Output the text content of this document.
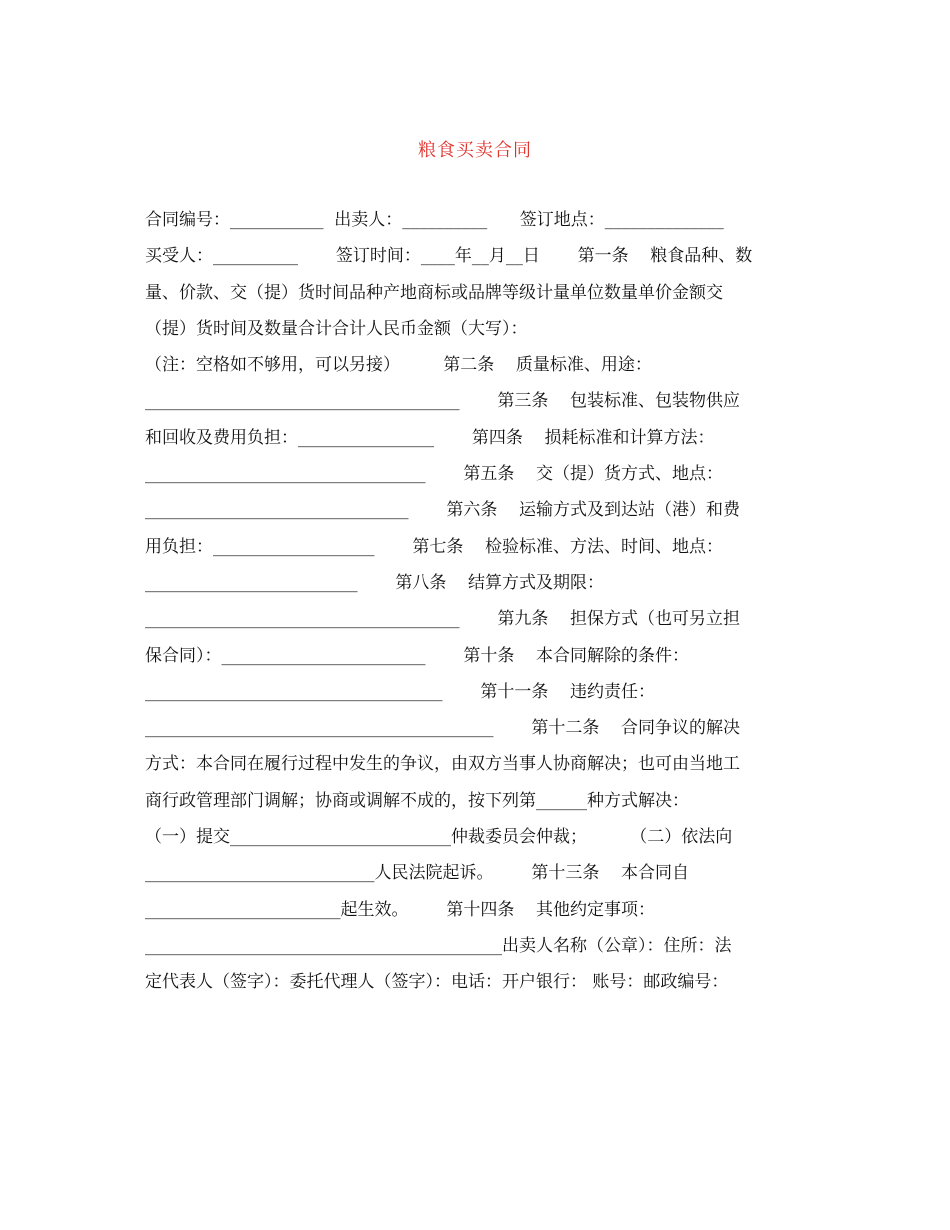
粮食买卖合同
合同编号：___________  出卖人：__________      签订地点：______________
买受人：__________       签订时间：____年__月__日       第一条    粮食品种、数
量、价款、交（提）货时间品种产地商标或品牌等级计量单位数量单价金额交
（提）货时间及数量合计合计人民币金额（大写）：
（注：空格如不够用，可以另接）        第二条    质量标准、用途：
_____________________________________       第三条    包装标准、包装物供应
和回收及费用负担：________________       第四条    损耗标准和计算方法：
_________________________________       第五条    交（提）货方式、地点：
_______________________________       第六条    运输方式及到达站（港）和费
用负担：___________________       第七条    检验标准、方法、时间、地点：
_________________________       第八条    结算方式及期限：
_____________________________________       第九条    担保方式（也可另立担
保合同）：________________________       第十条    本合同解除的条件：
___________________________________       第十一条    违约责任：
_________________________________________       第十二条    合同争议的解决
方式：本合同在履行过程中发生的争议，由双方当事人协商解决；也可由当地工
商行政管理部门调解；协商或调解不成的，按下列第______种方式解决：
（一）提交__________________________仲裁委员会仲裁；        （二）依法向
___________________________人民法院起诉。       第十三条    本合同自
_______________________起生效。       第十四条    其他约定事项：
__________________________________________出卖人名称（公章）：住所：法
定代表人（签字）：委托代理人（签字）：电话：开户银行： 账号：邮政编号：
